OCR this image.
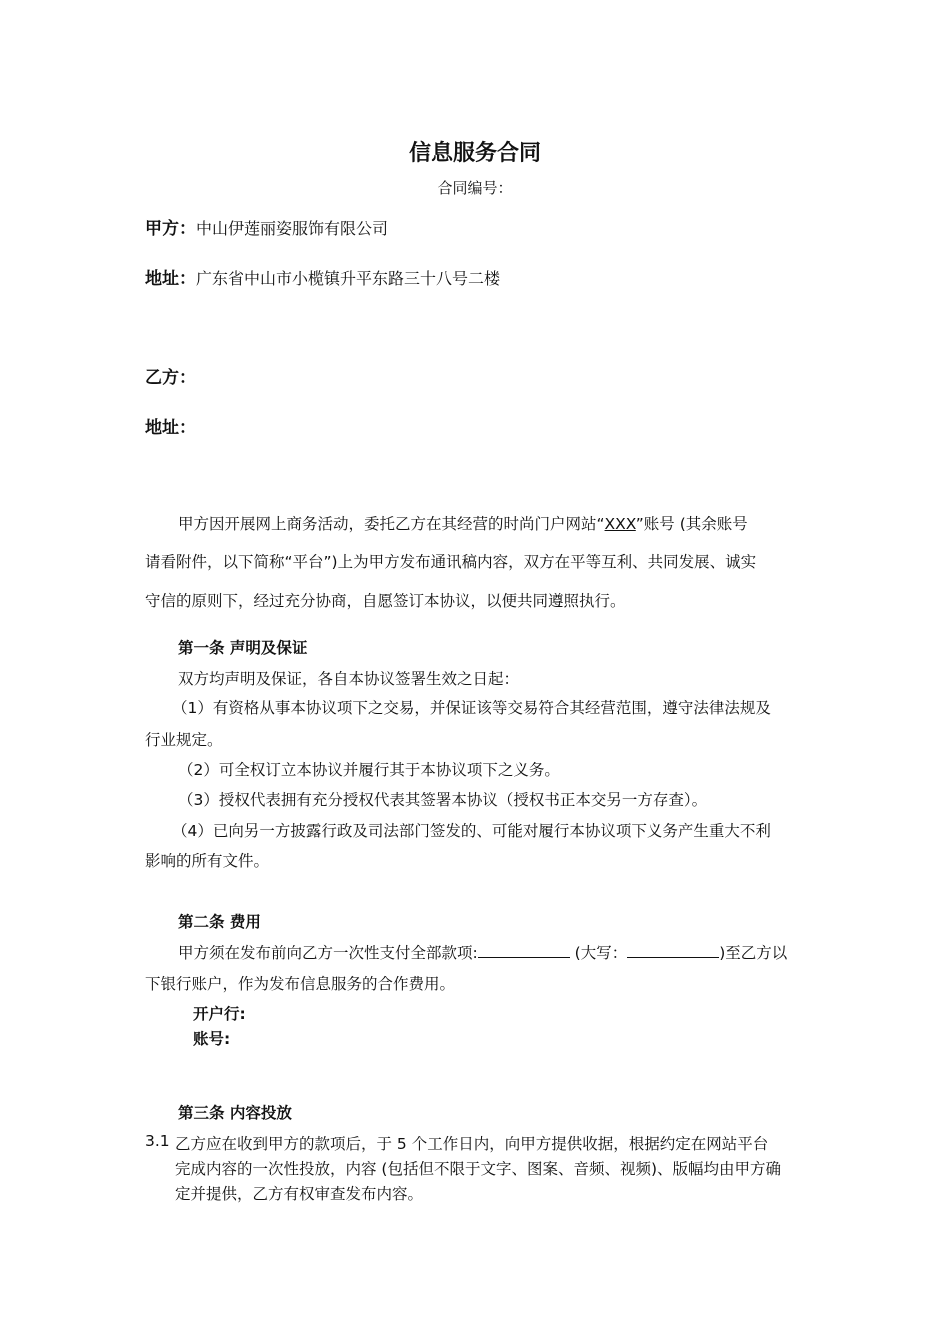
信息服务合同
合同编号：
甲方：中山伊莲丽姿服饰有限公司
地址：广东省中山市小榄镇升平东路三十八号二楼
乙方：
地址：
甲方因开展网上商务活动，委托乙方在其经营的时尚门户网站“XXX”账号 (其余账号
请看附件，以下简称“平台”)上为甲方发布通讯稿内容，双方在平等互利、共同发展、诚实
守信的原则下，经过充分协商，自愿签订本协议，以便共同遵照执行。
第一条 声明及保证
双方均声明及保证，各自本协议签署生效之日起：
（1）有资格从事本协议项下之交易，并保证该等交易符合其经营范围，遵守法律法规及
行业规定。
（2）可全权订立本协议并履行其于本协议项下之义务。
（3）授权代表拥有充分授权代表其签署本协议（授权书正本交另一方存查）。
（4）已向另一方披露行政及司法部门签发的、可能对履行本协议项下义务产生重大不利
影响的所有文件。
第二条 费用
甲方须在发布前向乙方一次性支付全部款项:	(大写：	)至乙方以
下银行账户，作为发布信息服务的合作费用。
开户行:
账号:
第三条 内容投放
3.1 乙方应在收到甲方的款项后，于 5 个工作日内，向甲方提供收据，根据约定在网站平台
完成内容的一次性投放，内容 (包括但不限于文字、图案、音频、视频)、版幅均由甲方确
定并提供，乙方有权审查发布内容。
